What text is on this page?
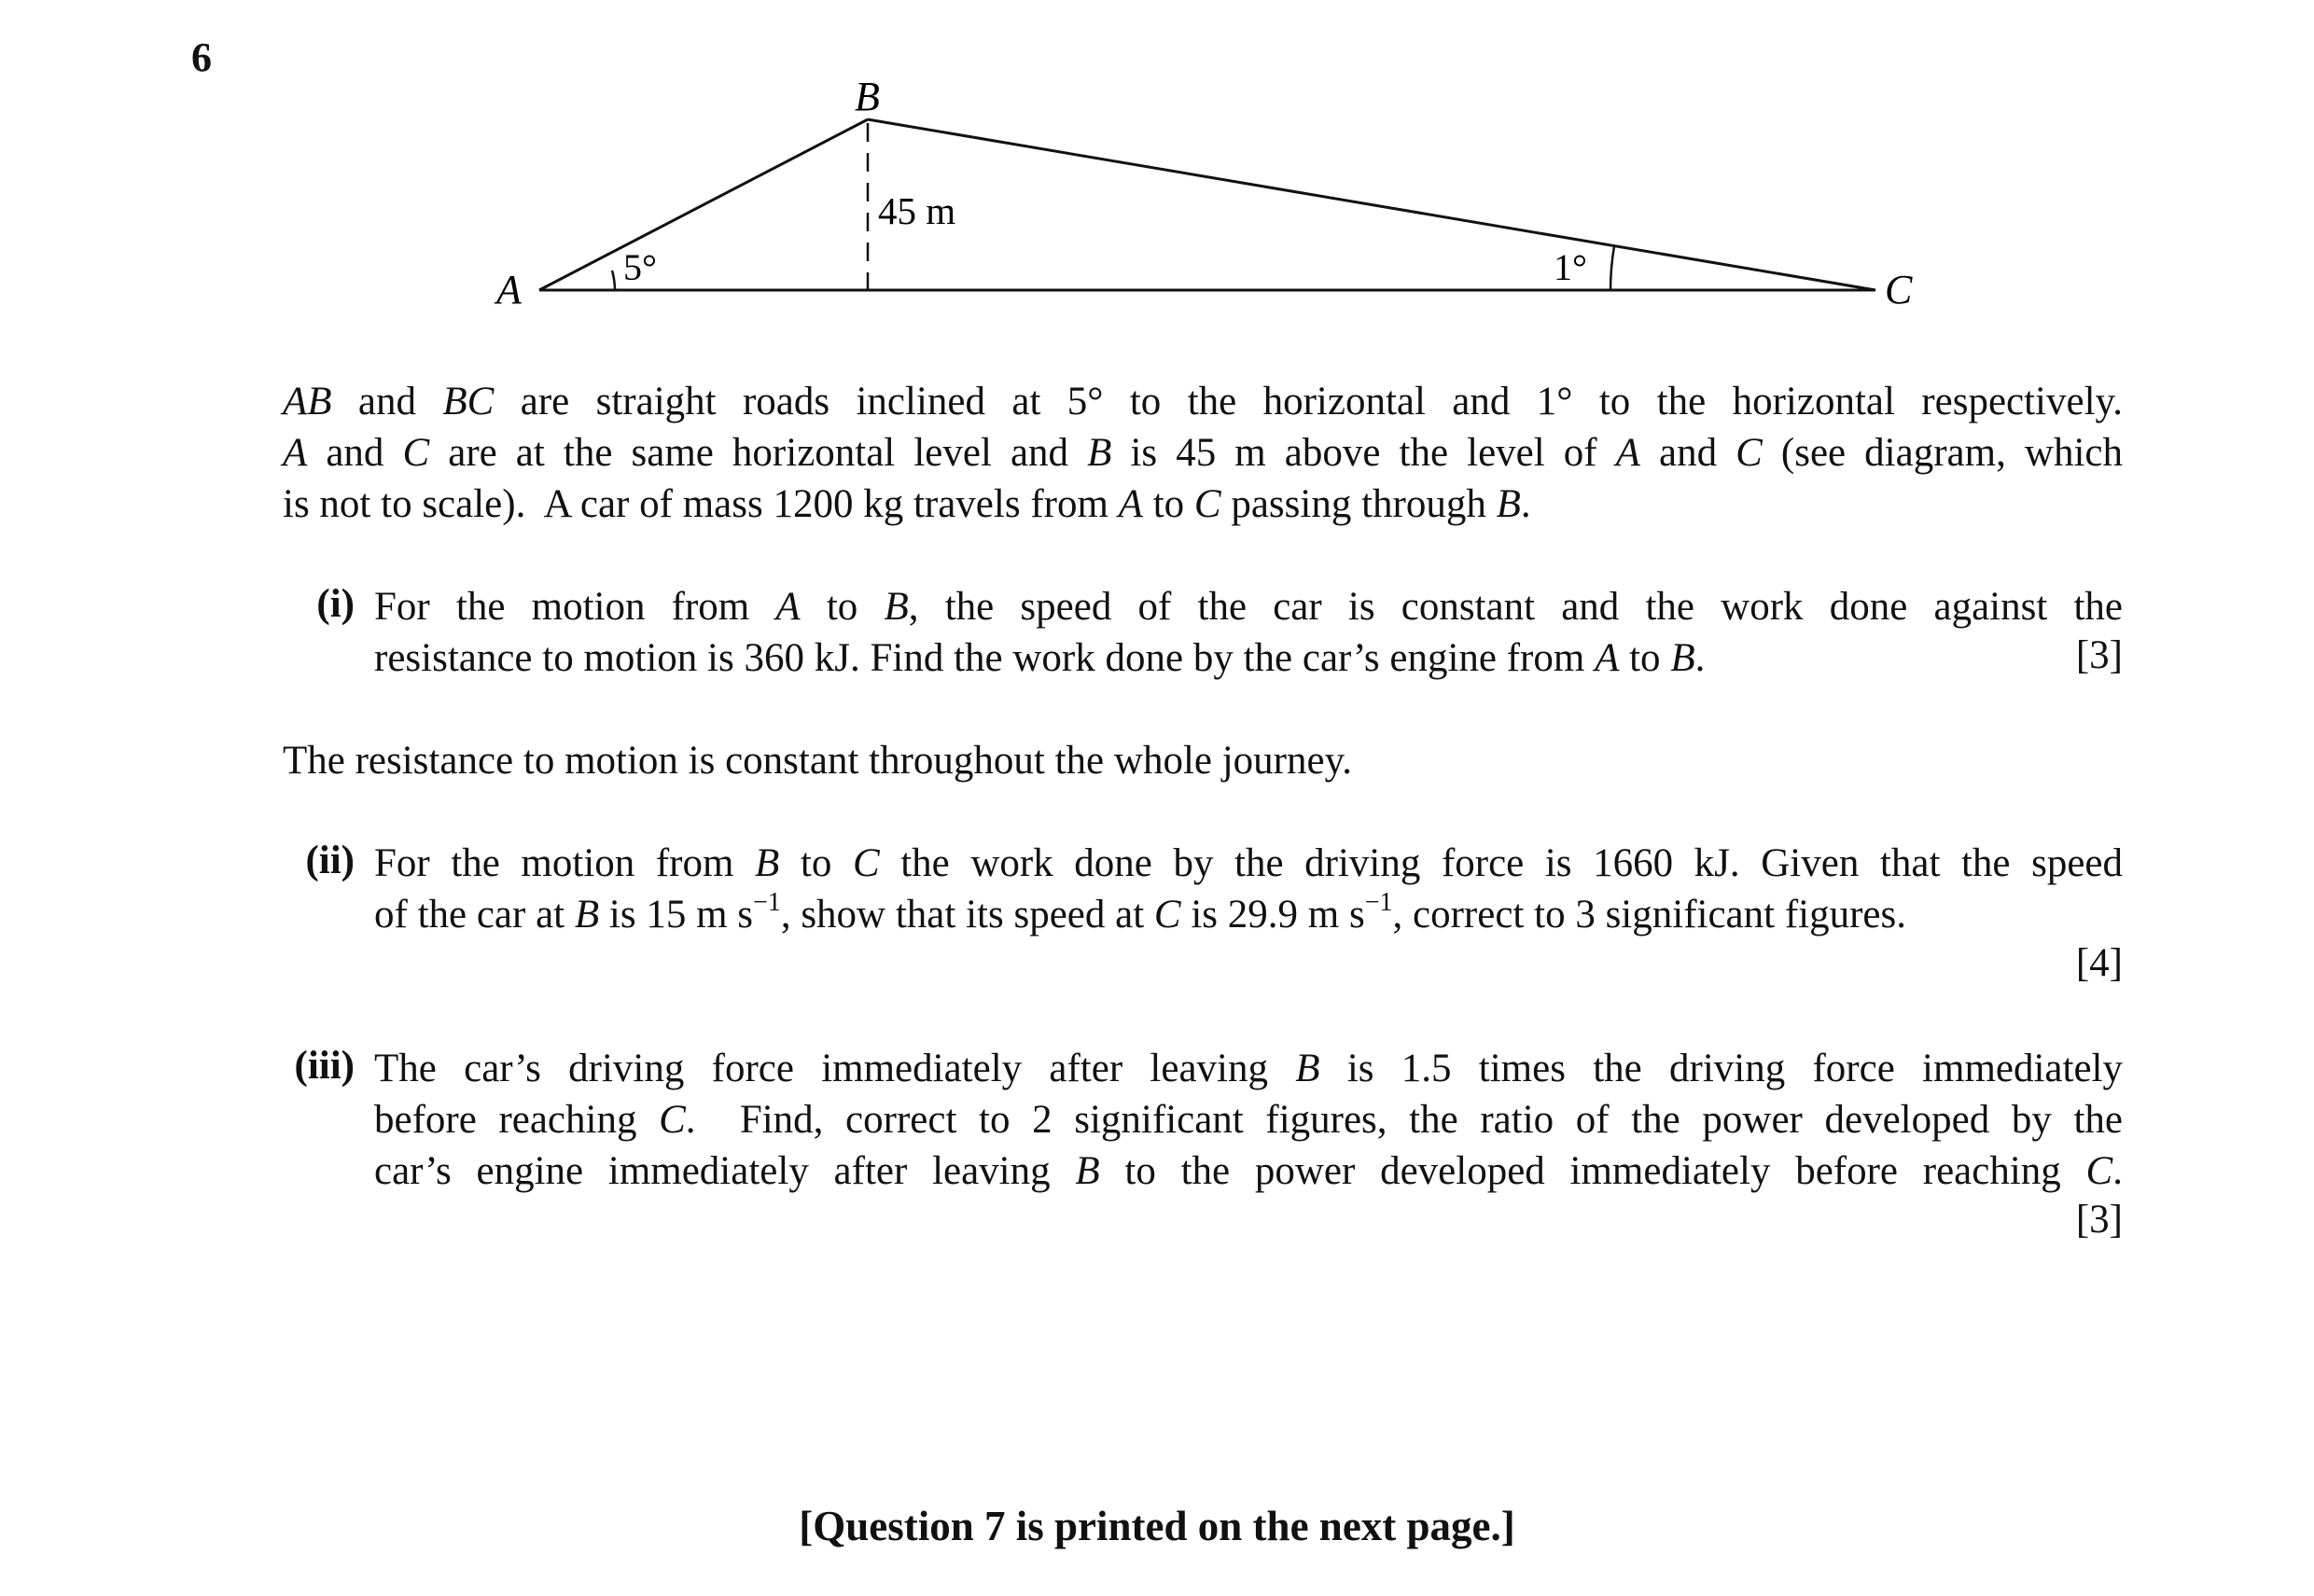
6
A
B
C
45 m
5°	1°

AB and BC are straight roads inclined at 5° to the horizontal and 1° to the horizontal respectively.

A and C are at the same horizontal level and B is 45 m above the level of A and C (see diagram, which

is not to scale).  A car of mass 1200 kg travels from A to C passing through B.

(i) For the motion from A to B, the speed of the car is constant and the work done against the

resistance to motion is 360 kJ. Find the work done by the car’s engine from A to B.	[3]

The resistance to motion is constant throughout the whole journey.

(ii) For the motion from B to C the work done by the driving force is 1660 kJ. Given that the speed

of the car at B is 15 m $s^{-1}$, show that its speed at C is 29.9 m $s^{-1}$, correct to 3 significant figures.

[4]
(iii) The car’s driving force immediately after leaving B is 1.5 times the driving force immediately

before reaching C.  Find, correct to 2 significant figures, the ratio of the power developed by the

car’s engine immediately after leaving B to the power developed immediately before reaching C.

[3]
[Question 7 is printed on the next page.]
